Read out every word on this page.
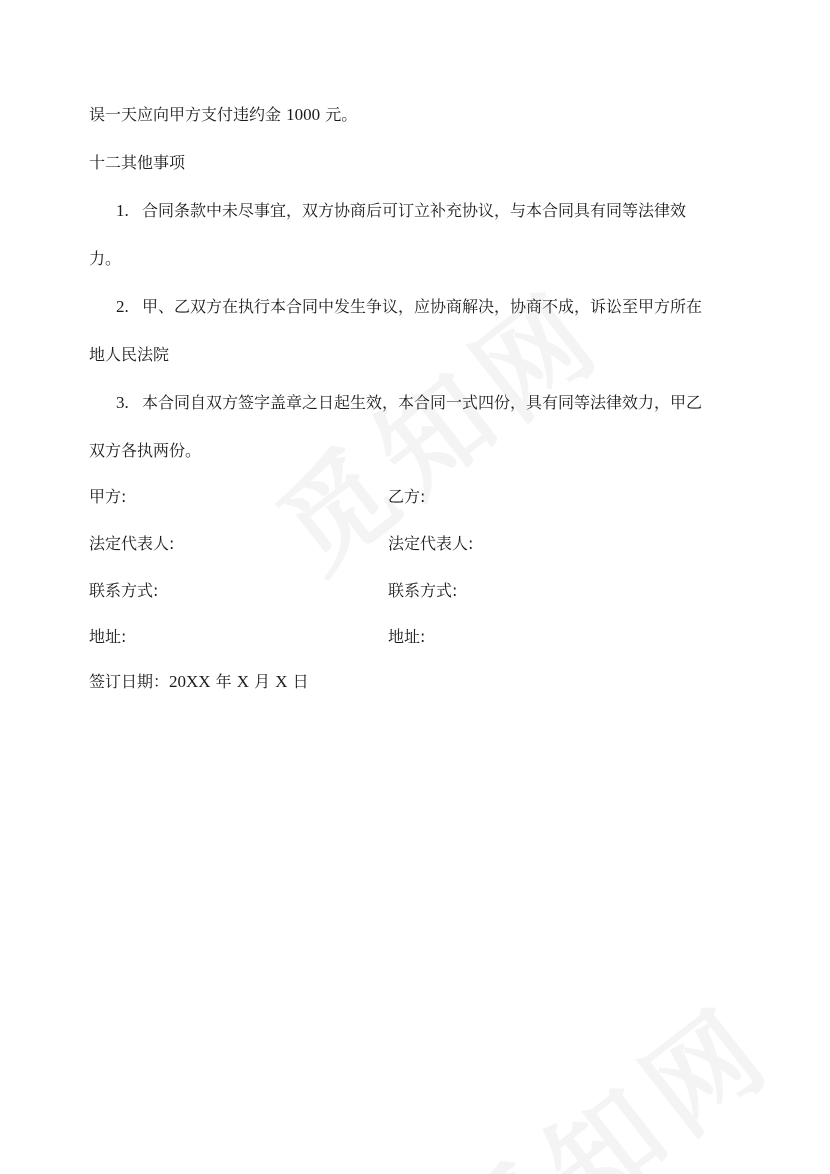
误一天应向甲方支付违约金 1000 元。
十二其他事项
1. 合同条款中未尽事宜，双方协商后可订立补充协议，与本合同具有同等法律效
力。
2. 甲、乙双方在执行本合同中发生争议，应协商解决，协商不成，诉讼至甲方所在
地人民法院
3. 本合同自双方签字盖章之日起生效，本合同一式四份，具有同等法律效力，甲乙
双方各执两份。
甲方:	乙方:
法定代表人:	法定代表人:
联系方式:	联系方式:
地址:	地址:
签订日期：20XX 年 X 月 X 日
